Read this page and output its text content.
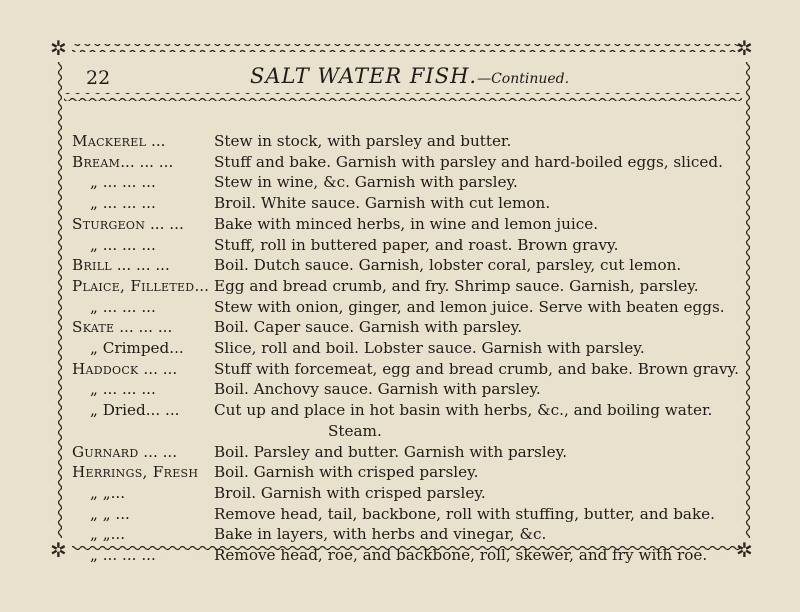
✲	✲
✲	✲
22	SALT WATER FISH.—Continued.
Mackerel ...	Stew in stock, with parsley and butter.
Bream... ... ...	Stuff and bake. Garnish with parsley and hard-boiled eggs, sliced.
„ ... ... ...	Stew in wine, &c. Garnish with parsley.
„ ... ... ...	Broil. White sauce. Garnish with cut lemon.
Sturgeon ... ... Bake with minced herbs, in wine and lemon juice.
„ ... ... ...	Stuff, roll in buttered paper, and roast. Brown gravy.
Brill ... ... ...	Boil. Dutch sauce. Garnish, lobster coral, parsley, cut lemon.
Plaice, Filleted... Egg and bread crumb, and fry. Shrimp sauce. Garnish, parsley.
„ ... ... ...	Stew with onion, ginger, and lemon juice. Serve with beaten eggs.
Skate ... ... ...	Boil. Caper sauce. Garnish with parsley.
„ Crimped... Slice, roll and boil. Lobster sauce. Garnish with parsley.
Haddock ... ... Stuff with forcemeat, egg and bread crumb, and bake. Brown gravy.
„ ... ... ...	Boil. Anchovy sauce. Garnish with parsley.
„ Dried... ... Cut up and place in hot basin with herbs, &c., and boiling water.
Steam.
Gurnard ... ... Boil. Parsley and butter. Garnish with parsley.
Herrings, Fresh Boil. Garnish with crisped parsley.
„ „...	Broil. Garnish with crisped parsley.
„ „ ...	Remove head, tail, backbone, roll with stuffing, butter, and bake.
„ „...	Bake in layers, with herbs and vinegar, &c.
„ ... ... ...	Remove head, roe, and backbone, roll, skewer, and fry with roe.
